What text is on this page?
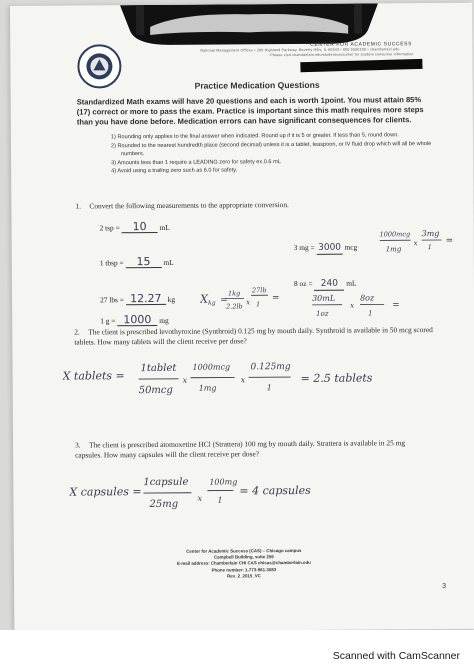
CENTER FOR ACADEMIC SUCCESS
National Management Offices • 200 Highland Parkway, Beverly Hills, IL 60643 • 800 5550100 • chamberlain.edu
Please visit chamberlain.edu/studentconsumer for student consumer information
Practice Medication Questions
Standardized Math exams will have 20 questions and each is worth 1point. You must attain 85% (17) correct or more to pass the exam. Practice is important since this math requires more steps than you have done before. Medication errors can have significant consequences for clients.
1) Rounding only applies to the final answer when indicated. Round up if it is 5 or greater. If less than 5, round down.
2) Rounded to the nearest hundredth place (second decimal) unless it is a tablet, teaspoon, or IV fluid drop which will all be whole numbers.
3) Amounts less than 1 require a LEADING zero for safety ex.0.6 mL
4) Avoid using a trailing zero such as 6.0 for safety.
1. Convert the following measurements to the appropriate conversion.
2 tsp = 10 mL
1 tbsp = 15 mL
27 lbs = 12.27 kg
1 g = 1000 mg
3 mg = 3000 mcg
8 oz = 240 mL
X kg =
1kg
2.2lb
x
27lb
1
=
1000mcg
1mg
x
3mg
1
=
30mL
1oz
x
8oz
1
=
2. The client is prescribed levothyroxine (Synthroid) 0.125 mg by mouth daily. Synthroid is available in 50 mcg scored tablets. How many tablets will the client receive per dose?
X tablets =
1tablet
50mcg
x
1000mcg
1mg
x
0.125mg
1
= 2.5 tablets
3. The client is prescribed atomoxetine HCl (Strattera) 100 mg by mouth daily. Strattera is available in 25 mg capsules. How many capsules will the client receive per dose?
X capsules =
1capsule
25mg
x
100mg
1
= 4 capsules
Center for Academic Success (CAS) – Chicago campus
Campbell Building, suite 259
E-mail address: Chamberlain CHI CAS chicas@chamberlain.edu
Phone number: 1-773-961-3083
Rev_2_2015_VC
3
Scanned with CamScanner
